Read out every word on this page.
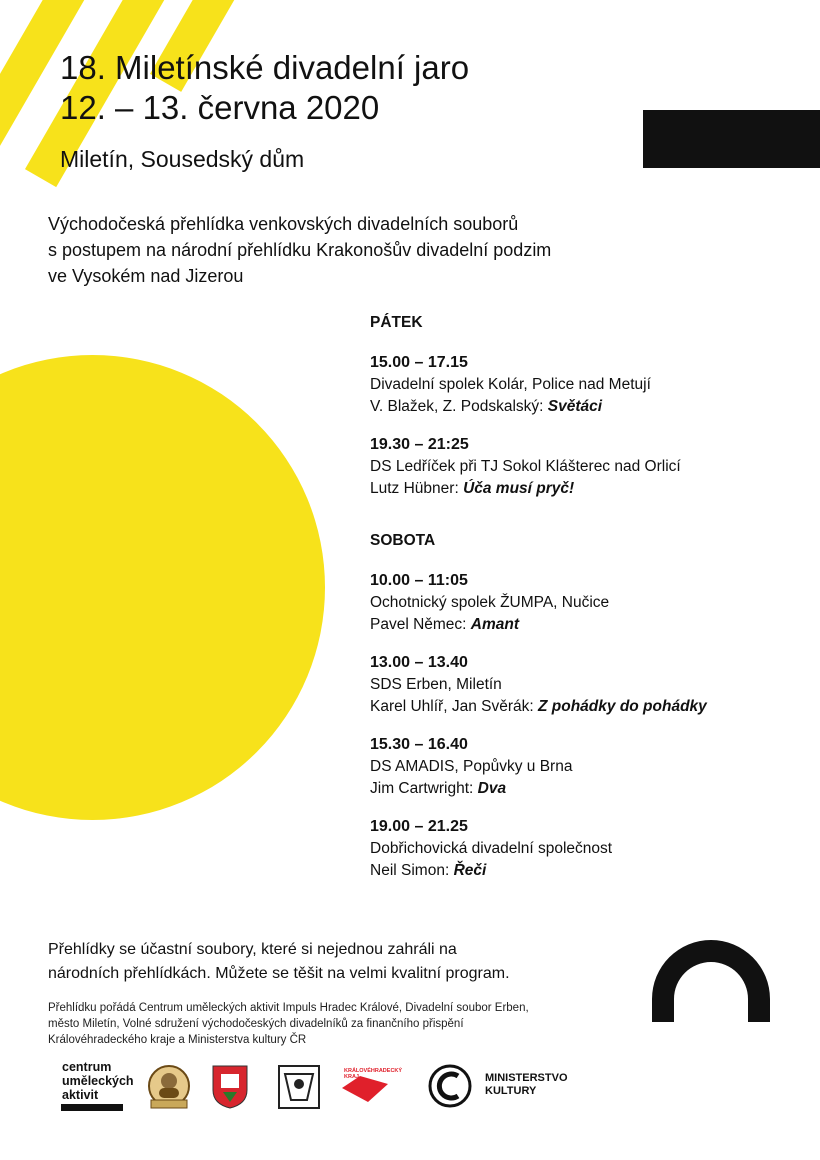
18. Miletínské divadelní jaro
12. – 13. června 2020
Miletín, Sousedský dům
Východočeská přehlídka venkovských divadelních souborů
s postupem na národní přehlídku Krakonošův divadelní podzim
ve Vysokém nad Jizerou
PÁTEK
15.00 – 17.15
Divadelní spolek Kolár, Police nad Metují
V. Blažek, Z. Podskalský: Světáci
19.30 – 21:25
DS Ledříček při TJ Sokol Klášterec nad Orlicí
Lutz Hübner: Úča musí pryč!
SOBOTA
10.00 – 11:05
Ochotnický spolek ŽUMPA, Nučice
Pavel Němec: Amant
13.00 – 13.40
SDS Erben, Miletín
Karel Uhlíř, Jan Svěrák: Z pohádky do pohádky
15.30 – 16.40
DS AMADIS, Popůvky u Brna
Jim Cartwright: Dva
19.00 – 21.25
Dobřichovická divadelní společnost
Neil Simon: Řeči
Přehlídky se účastní soubory, které si nejednou zahráli na
národních přehlídkách. Můžete se těšit na velmi kvalitní program.
Přehlídku pořádá Centrum uměleckých aktivit Impuls Hradec Králové, Divadelní soubor Erben,
město Miletín, Volné sdružení východočeských divadelníků za finančního přispění
Královéhradeckého kraje a Ministerstva kultury ČR
centrum
uměleckých
aktivit
KRÁLOVÉHRADECKÝ KRAJ	MINISTERSTVO
KULTURY
